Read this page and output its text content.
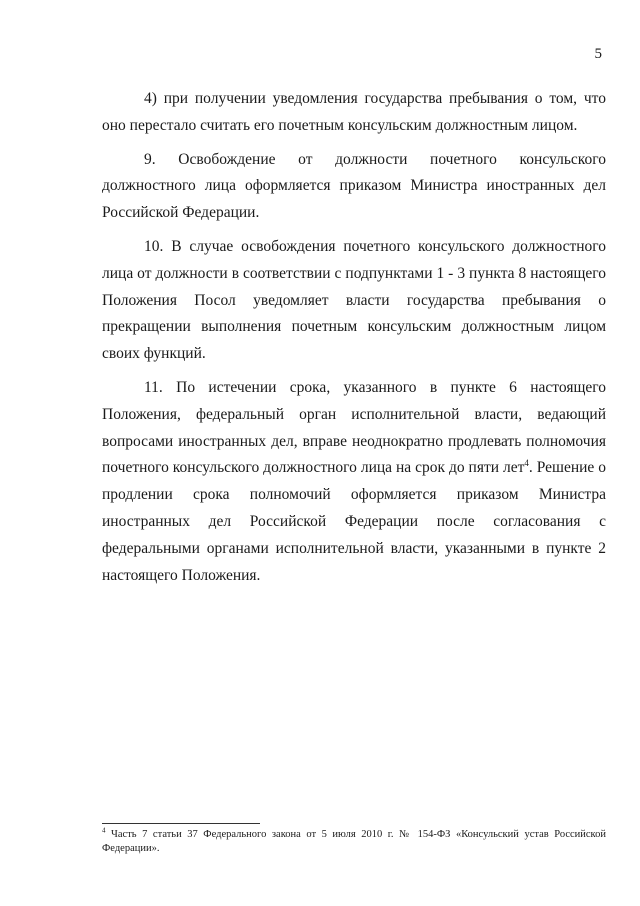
5

4) при получении уведомления государства пребывания о том, что оно перестало считать его почетным консульским должностным лицом.

9. Освобождение от должности почетного консульского должностного лица оформляется приказом Министра иностранных дел Российской Федерации.

10. В случае освобождения почетного консульского должностного лица от должности в соответствии с подпунктами 1 - 3 пункта 8 настоящего Положения Посол уведомляет власти государства пребывания о прекращении выполнения почетным консульским должностным лицом своих функций.

11. По истечении срока, указанного в пункте 6 настоящего Положения, федеральный орган исполнительной власти, ведающий вопросами иностранных дел, вправе неоднократно продлевать полномочия почетного консульского должностного лица на срок до пяти лет$^4$. Решение о продлении срока полномочий оформляется приказом Министра иностранных дел Российской Федерации после согласования с федеральными органами исполнительной власти, указанными в пункте 2 настоящего Положения.

$^4$ Часть 7 статьи 37 Федерального закона от 5 июля 2010 г. № 154-ФЗ «Консульский устав Российской Федерации».
